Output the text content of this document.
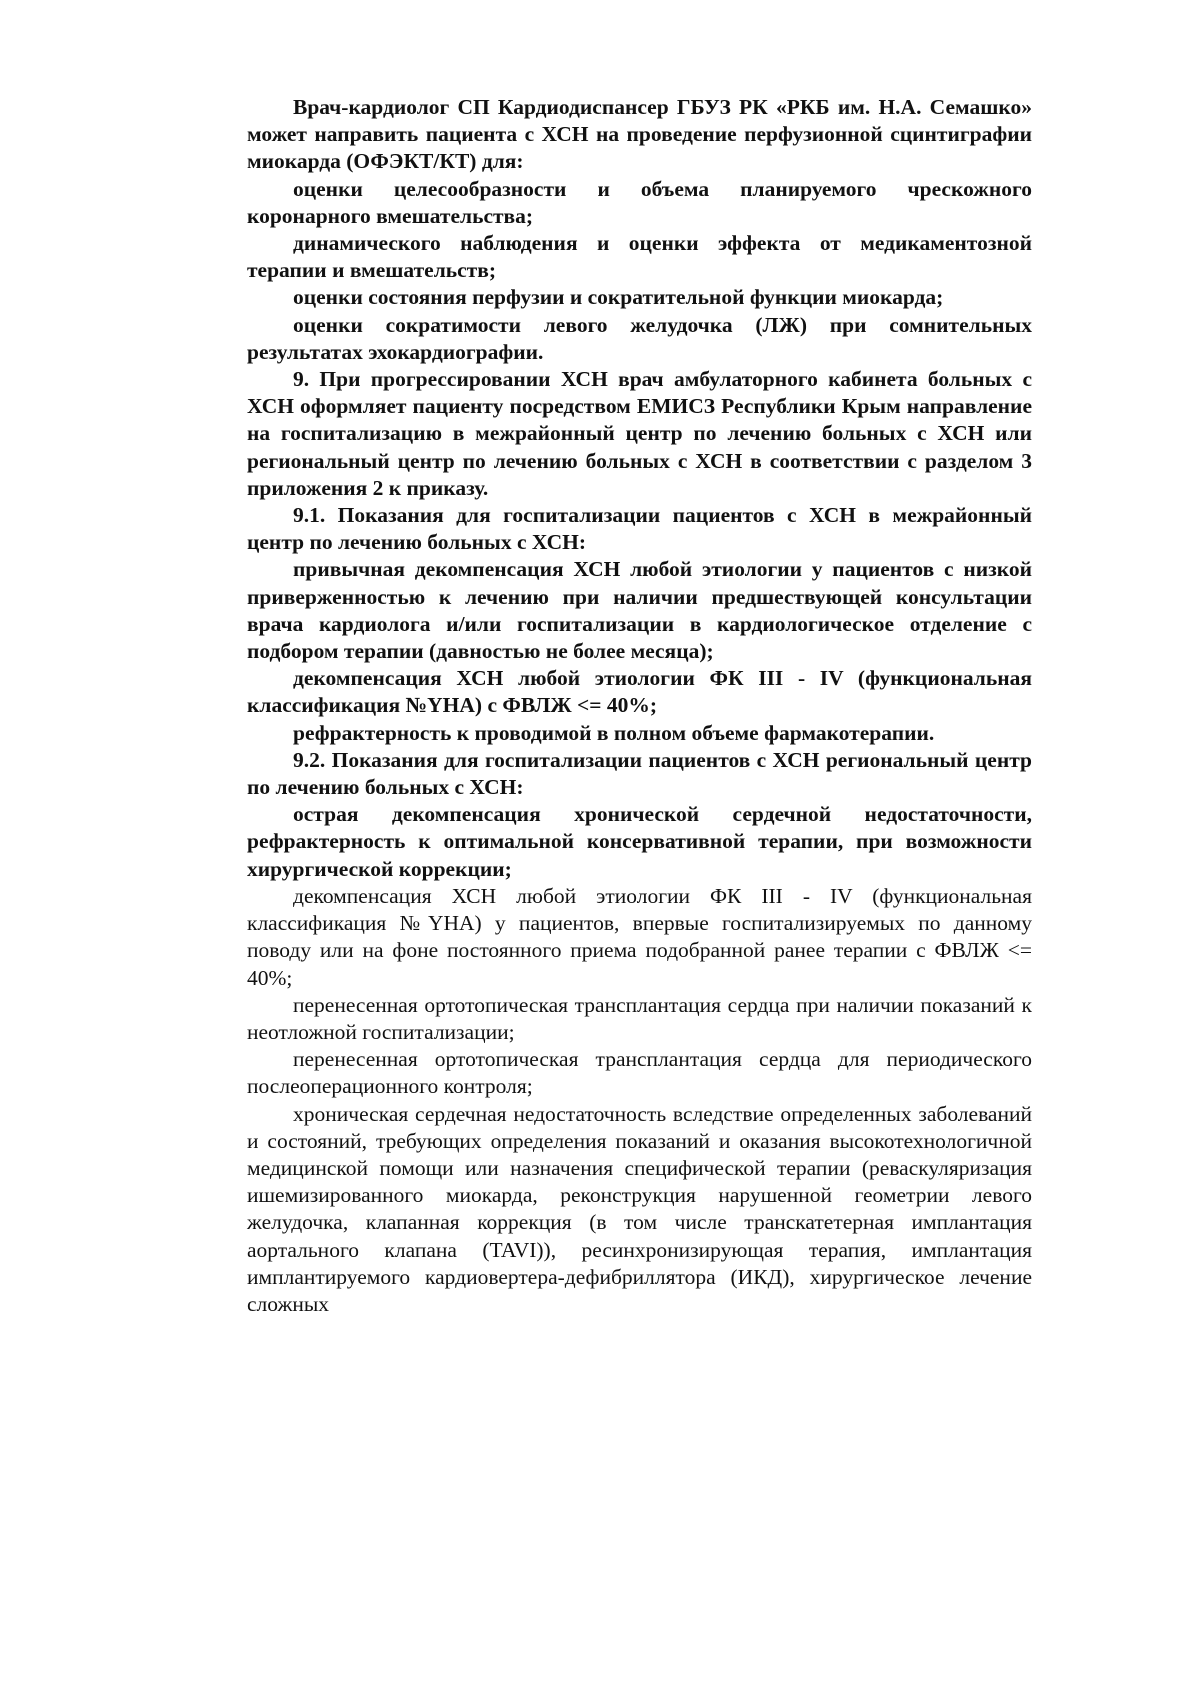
Врач-кардиолог СП Кардиодиспансер ГБУЗ РК «РКБ им. Н.А. Семашко» может направить пациента с ХСН на проведение перфузионной сцинтиграфии миокарда (ОФЭКТ/КТ) для:

оценки целесообразности и объема планируемого чрескожного коронарного вмешательства;

динамического наблюдения и оценки эффекта от медикаментозной терапии и вмешательств;

оценки состояния перфузии и сократительной функции миокарда;

оценки сократимости левого желудочка (ЛЖ) при сомнительных результатах эхокардиографии.

9. При прогрессировании ХСН врач амбулаторного кабинета больных с ХСН оформляет пациенту посредством ЕМИСЗ Республики Крым направление на госпитализацию в межрайонный центр по лечению больных с ХСН или региональный центр по лечению больных с ХСН в соответствии с разделом 3 приложения 2 к приказу.

9.1. Показания для госпитализации пациентов с ХСН в межрайонный центр по лечению больных с ХСН:

привычная декомпенсация ХСН любой этиологии у пациентов с низкой приверженностью к лечению при наличии предшествующей консультации врача кардиолога и/или госпитализации в кардиологическое отделение с подбором терапии (давностью не более месяца);

декомпенсация ХСН любой этиологии ФК III - IV (функциональная классификация №YHA) с ФВЛЖ <= 40%;

рефрактерность к проводимой в полном объеме фармакотерапии.

9.2. Показания для госпитализации пациентов с ХСН региональный центр по лечению больных с ХСН:

острая декомпенсация хронической сердечной недостаточности, рефрактерность к оптимальной консервативной терапии, при возможности хирургической коррекции;

декомпенсация ХСН любой этиологии ФК III - IV (функциональная классификация №YHA) у пациентов, впервые госпитализируемых по данному поводу или на фоне постоянного приема подобранной ранее терапии с ФВЛЖ <= 40%;

перенесенная ортотопическая трансплантация сердца при наличии показаний к неотложной госпитализации;

перенесенная ортотопическая трансплантация сердца для периодического послеоперационного контроля;

хроническая сердечная недостаточность вследствие определенных заболеваний и состояний, требующих определения показаний и оказания высокотехнологичной медицинской помощи или назначения специфической терапии (реваскуляризация ишемизированного миокарда, реконструкция нарушенной геометрии левого желудочка, клапанная коррекция (в том числе транскатетерная имплантация аортального клапана (TAVI)), ресинхронизирующая терапия, имплантация имплантируемого кардиовертера-дефибриллятора (ИКД), хирургическое лечение сложных
